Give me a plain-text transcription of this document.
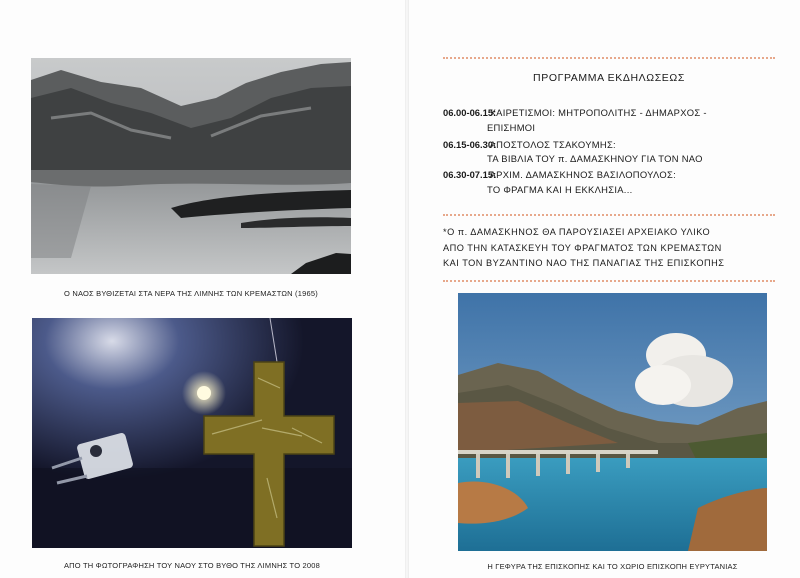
Ο ΝΑΟΣ ΒΥΘΙΖΕΤΑΙ ΣΤΑ ΝΕΡΑ ΤΗΣ ΛΙΜΝΗΣ ΤΩΝ ΚΡΕΜΑΣΤΩΝ (1965)
ΑΠΟ ΤΗ ΦΩΤΟΓΡΑΦΗΣΗ ΤΟΥ ΝΑΟΥ ΣΤΟ ΒΥΘΟ ΤΗΣ ΛΙΜΝΗΣ ΤΟ 2008
ΠΡΟΓΡΑΜΜΑ ΕΚΔΗΛΩΣΕΩΣ
06.00-06.15: ΧΑΙΡΕΤΙΣΜΟΙ: ΜΗΤΡΟΠΟΛΙΤΗΣ - ΔΗΜΑΡΧΟΣ -
ΕΠΙΣΗΜΟΙ
06.15-06.30: ΑΠΟΣΤΟΛΟΣ ΤΣΑΚΟΥΜΗΣ:
ΤΑ ΒΙΒΛΙΑ ΤΟΥ π. ΔΑΜΑΣΚΗΝΟΥ ΓΙΑ ΤΟΝ ΝΑΟ
06.30-07.15: ΑΡΧΙΜ. ΔΑΜΑΣΚΗΝΟΣ ΒΑΣΙΛΟΠΟΥΛΟΣ:
ΤΟ ΦΡΑΓΜΑ ΚΑΙ Η ΕΚΚΛΗΣΙΑ...
*Ο π. ΔΑΜΑΣΚΗΝΟΣ ΘΑ ΠΑΡΟΥΣΙΑΣΕΙ ΑΡΧΕΙΑΚΟ ΥΛΙΚΟ
ΑΠΟ ΤΗΝ ΚΑΤΑΣΚΕΥΗ ΤΟΥ ΦΡΑΓΜΑΤΟΣ ΤΩΝ ΚΡΕΜΑΣΤΩΝ
ΚΑΙ ΤΟΝ ΒΥΖΑΝΤΙΝΟ ΝΑΟ ΤΗΣ ΠΑΝΑΓΙΑΣ ΤΗΣ ΕΠΙΣΚΟΠΗΣ
Η ΓΕΦΥΡΑ ΤΗΣ ΕΠΙΣΚΟΠΗΣ ΚΑΙ ΤΟ ΧΩΡΙΟ ΕΠΙΣΚΟΠΗ ΕΥΡΥΤΑΝΙΑΣ
